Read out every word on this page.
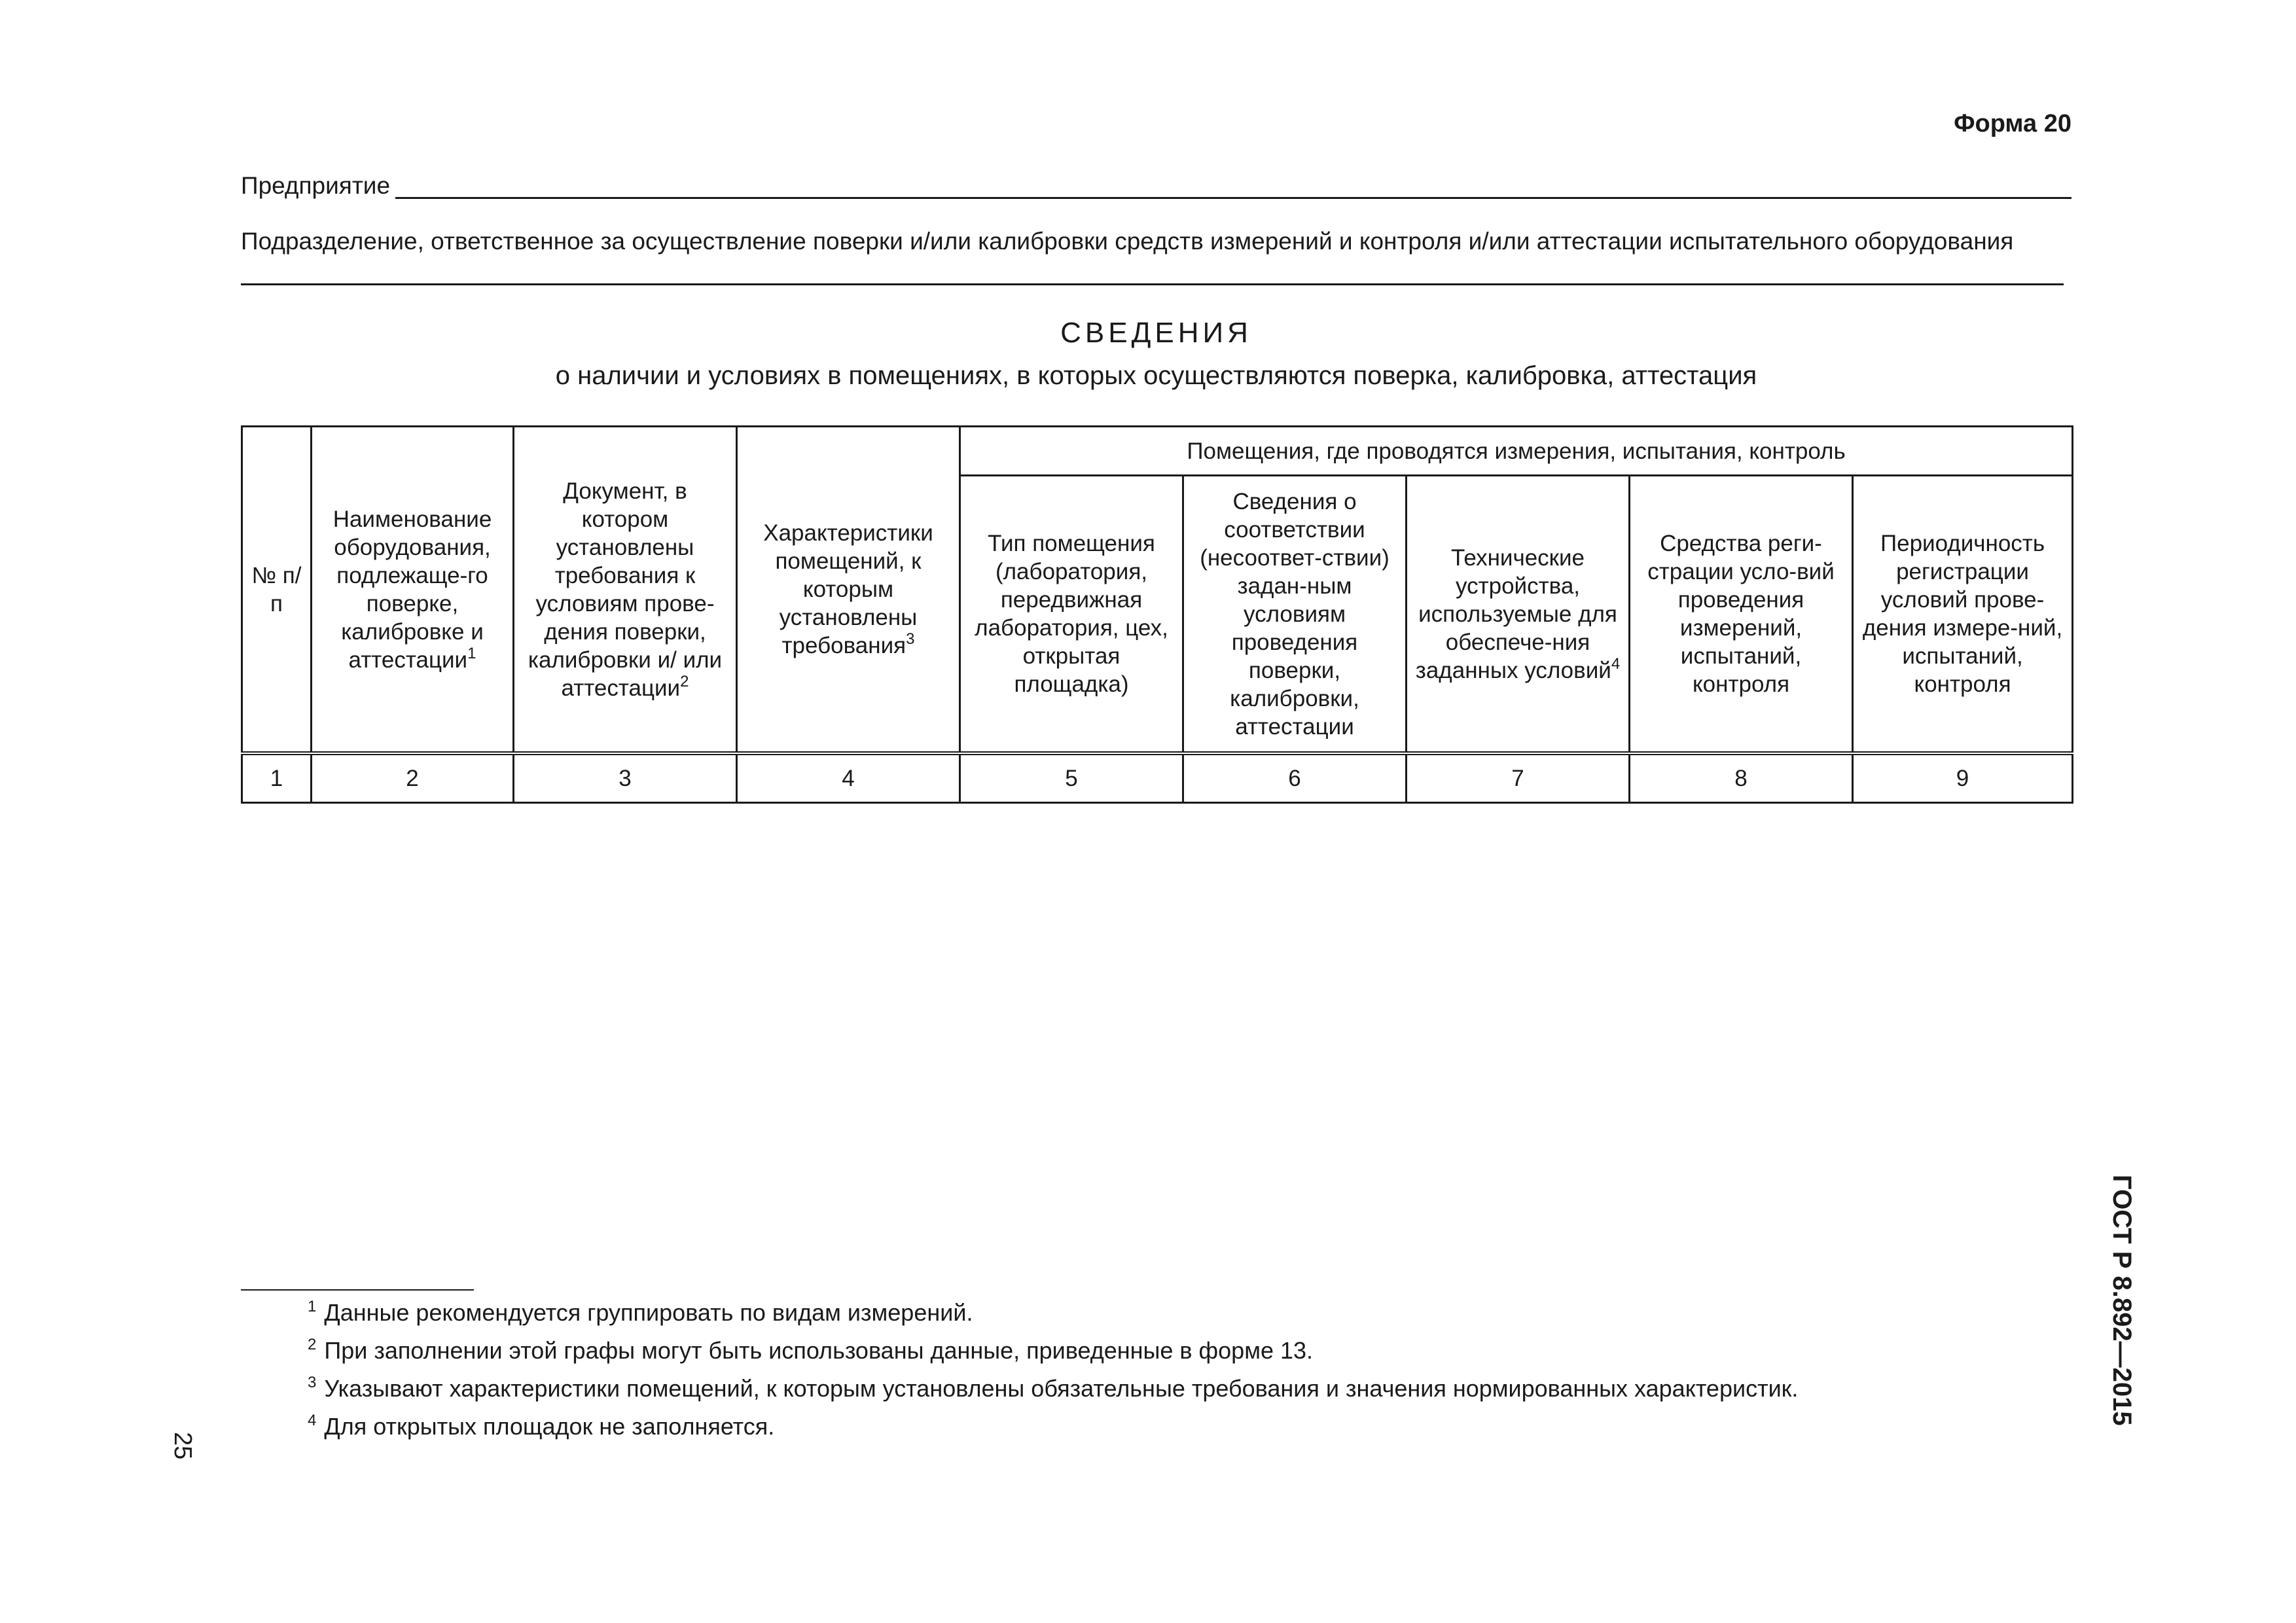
Форма 20
Предприятие
Подразделение, ответственное за осуществление поверки и/или калибровки средств измерений и контроля и/или аттестации испытательного оборудования
СВЕДЕНИЯ
о наличии и условиях в помещениях, в которых осуществляются поверка, калибровка, аттестация
№ п/п	Наименование оборудования, подлежаще-го поверке, калибровке и аттестации$^1$	Документ, в котором установлены требования к условиям прове-дения поверки, калибровки и/ или аттестации$^2$	Характеристики помещений, к которым установлены требования$^3$	Помещения, где проводятся измерения, испытания, контроль				
				Тип помещения (лаборатория, передвижная лаборатория, цех, открытая площадка)	Сведения о соответствии (несоответ-ствии) задан-ным условиям проведения поверки, калибровки, аттестации	Технические устройства, используемые для обеспече-ния заданных условий$^4$	Средства реги-страции усло-вий проведения измерений, испытаний, контроля	Периодичность регистрации условий прове-дения измере-ний, испытаний, контроля
1	2	3	4	5	6	7	8	9
$^1$ Данные рекомендуется группировать по видам измерений.
$^2$ При заполнении этой графы могут быть использованы данные, приведенные в форме 13.
$^3$ Указывают характеристики помещений, к которым установлены обязательные требования и значения нормированных характеристик.
$^4$ Для открытых площадок не заполняется.
ГОСТ Р 8.892—2015
25
